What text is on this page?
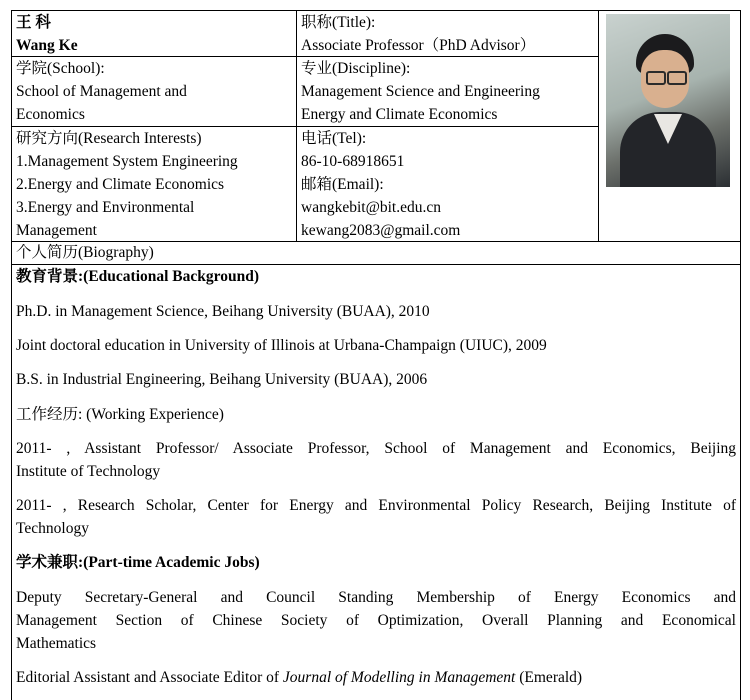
王 科
Wang Ke
职称(Title):
Associate Professor（PhD Advisor）
学院(School):
School of Management and
Economics
专业(Discipline):
Management Science and Engineering
Energy and Climate Economics
研究方向(Research Interests)
1.Management System Engineering
2.Energy and Climate Economics
3.Energy and Environmental
Management
电话(Tel):
86-10-68918651
邮箱(Email):
wangkebit@bit.edu.cn
kewang2083@gmail.com
个人简历(Biography)
教育背景:(Educational Background)
Ph.D. in Management Science, Beihang University (BUAA), 2010
Joint doctoral education in University of Illinois at Urbana-Champaign (UIUC), 2009
B.S. in Industrial Engineering, Beihang University (BUAA), 2006
工作经历: (Working Experience)
2011- , Assistant Professor/ Associate Professor, School of Management and Economics, Beijing
Institute of Technology
2011- , Research Scholar, Center for Energy and Environmental Policy Research, Beijing Institute of
Technology
学术兼职:(Part-time Academic Jobs)
Deputy Secretary-General and Council Standing Membership of Energy Economics and
Management Section of Chinese Society of Optimization, Overall Planning and Economical
Mathematics
Editorial Assistant and Associate Editor of Journal of Modelling in Management (Emerald)
